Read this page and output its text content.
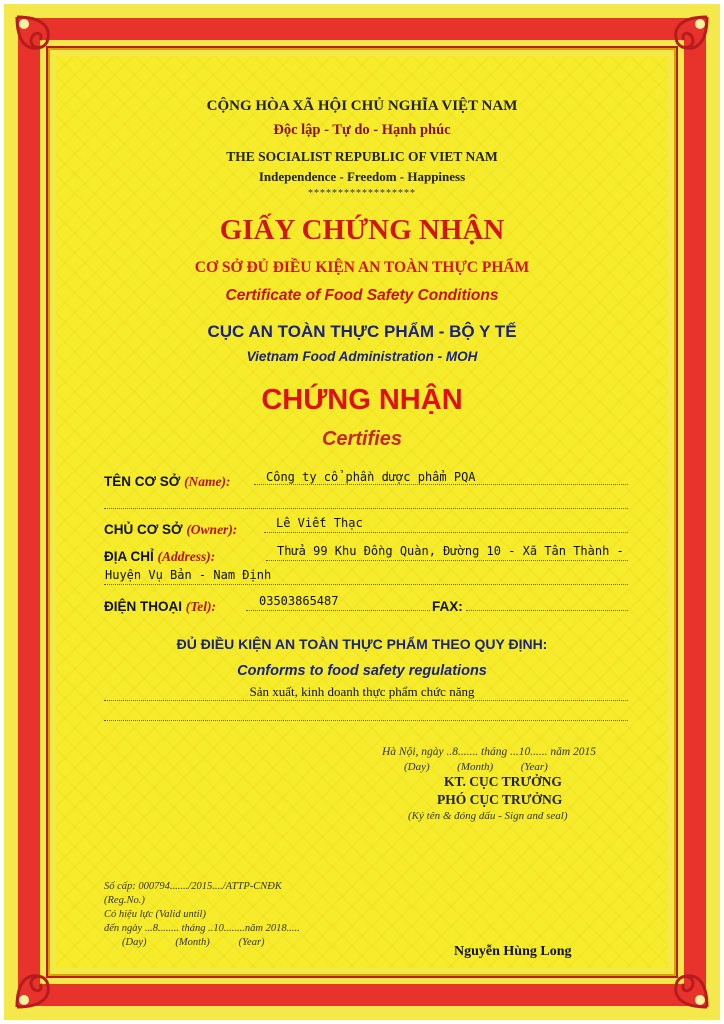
CỘNG HÒA XÃ HỘI CHỦ NGHĨA VIỆT NAM
Độc lập - Tự do - Hạnh phúc
THE SOCIALIST REPUBLIC OF VIET NAM
Independence - Freedom - Happiness
******************
GIẤY CHỨNG NHẬN
CƠ SỞ ĐỦ ĐIỀU KIỆN AN TOÀN THỰC PHẨM
Certificate of Food Safety Conditions
CỤC AN TOÀN THỰC PHẨM - BỘ Y TẾ
Vietnam Food Administration - MOH
CHỨNG NHẬN
Certifies
TÊN CƠ SỞ (Name):	Công ty cổ phần dược phẩm PQA
CHỦ CƠ SỞ (Owner):	Lê Viết Thạc
ĐỊA CHỈ (Address):	Thửa 99 Khu Đồng Quàn, Đường 10 - Xã Tân Thành -
Huyện Vụ Bản - Nam Định
ĐIỆN THOẠI (Tel):	03503865487	FAX:
ĐỦ ĐIỀU KIỆN AN TOÀN THỰC PHẨM THEO QUY ĐỊNH:
Conforms to food safety regulations
Sản xuất, kinh doanh thực phẩm chức năng
Hà Nội, ngày ..8....... tháng ...10...... năm 2015
(Day)	(Month)	(Year)
KT. CỤC TRƯỞNG
PHÓ CỤC TRƯỞNG
(Ký tên & đóng dấu - Sign and seal)
Số cấp: 000794......./2015..../ATTP-CNĐK
(Reg.No.)
Có hiệu lực (Valid until)
đến ngày ...8........ tháng ..10........năm 2018.....
(Day)	(Month)	(Year)
Nguyễn Hùng Long
